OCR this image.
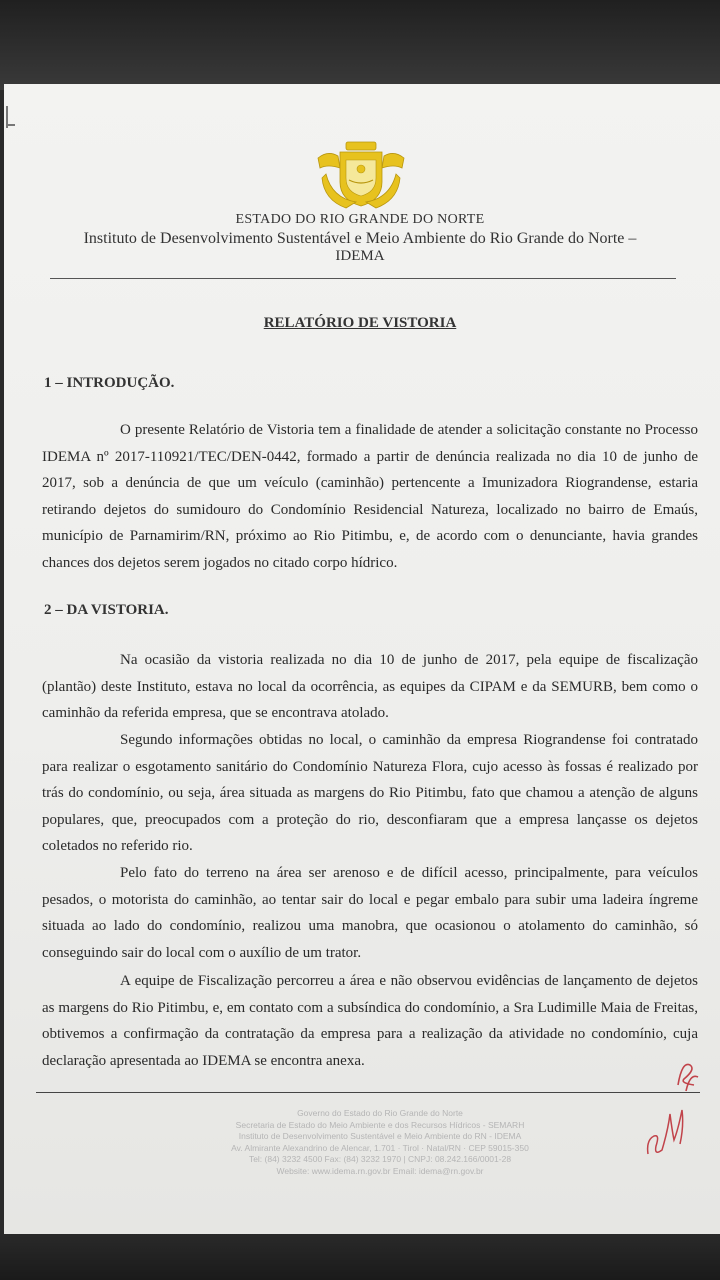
ESTADO DO RIO GRANDE DO NORTE
Instituto de Desenvolvimento Sustentável e Meio Ambiente do Rio Grande do Norte –
IDEMA
RELATÓRIO DE VISTORIA
1 – INTRODUÇÃO.

O presente Relatório de Vistoria tem a finalidade de atender a solicitação constante no Processo IDEMA nº 2017-110921/TEC/DEN-0442, formado a partir de denúncia realizada no dia 10 de junho de 2017, sob a denúncia de que um veículo (caminhão) pertencente a Imunizadora Riograndense, estaria retirando dejetos do sumidouro do Condomínio Residencial Natureza, localizado no bairro de Emaús, município de Parnamirim/RN, próximo ao Rio Pitimbu, e, de acordo com o denunciante, havia grandes chances dos dejetos serem jogados no citado corpo hídrico.

2 – DA VISTORIA.

Na ocasião da vistoria realizada no dia 10 de junho de 2017, pela equipe de fiscalização (plantão) deste Instituto, estava no local da ocorrência, as equipes da CIPAM e da SEMURB, bem como o caminhão da referida empresa, que se encontrava atolado.

Segundo informações obtidas no local, o caminhão da empresa Riograndense foi contratado para realizar o esgotamento sanitário do Condomínio Natureza Flora, cujo acesso às fossas é realizado por trás do condomínio, ou seja, área situada as margens do Rio Pitimbu, fato que chamou a atenção de alguns populares, que, preocupados com a proteção do rio, desconfiaram que a empresa lançasse os dejetos coletados no referido rio.

Pelo fato do terreno na área ser arenoso e de difícil acesso, principalmente, para veículos pesados, o motorista do caminhão, ao tentar sair do local e pegar embalo para subir uma ladeira íngreme situada ao lado do condomínio, realizou uma manobra, que ocasionou o atolamento do caminhão, só conseguindo sair do local com o auxílio de um trator.

A equipe de Fiscalização percorreu a área e não observou evidências de lançamento de dejetos as margens do Rio Pitimbu, e, em contato com a subsíndica do condomínio, a Sra Ludimille Maia de Freitas, obtivemos a confirmação da contratação da empresa para a realização da atividade no condomínio, cuja declaração apresentada ao IDEMA se encontra anexa.

Governo do Estado do Rio Grande do Norte
Secretaria de Estado do Meio Ambiente e dos Recursos Hídricos - SEMARH
Instituto de Desenvolvimento Sustentável e Meio Ambiente do RN - IDEMA
Av. Almirante Alexandrino de Alencar, 1.701 · Tirol · Natal/RN · CEP 59015-350
Tel: (84) 3232 4500 Fax: (84) 3232 1970 | CNPJ: 08.242.166/0001-28
Website: www.idema.rn.gov.br Email: idema@rn.gov.br
